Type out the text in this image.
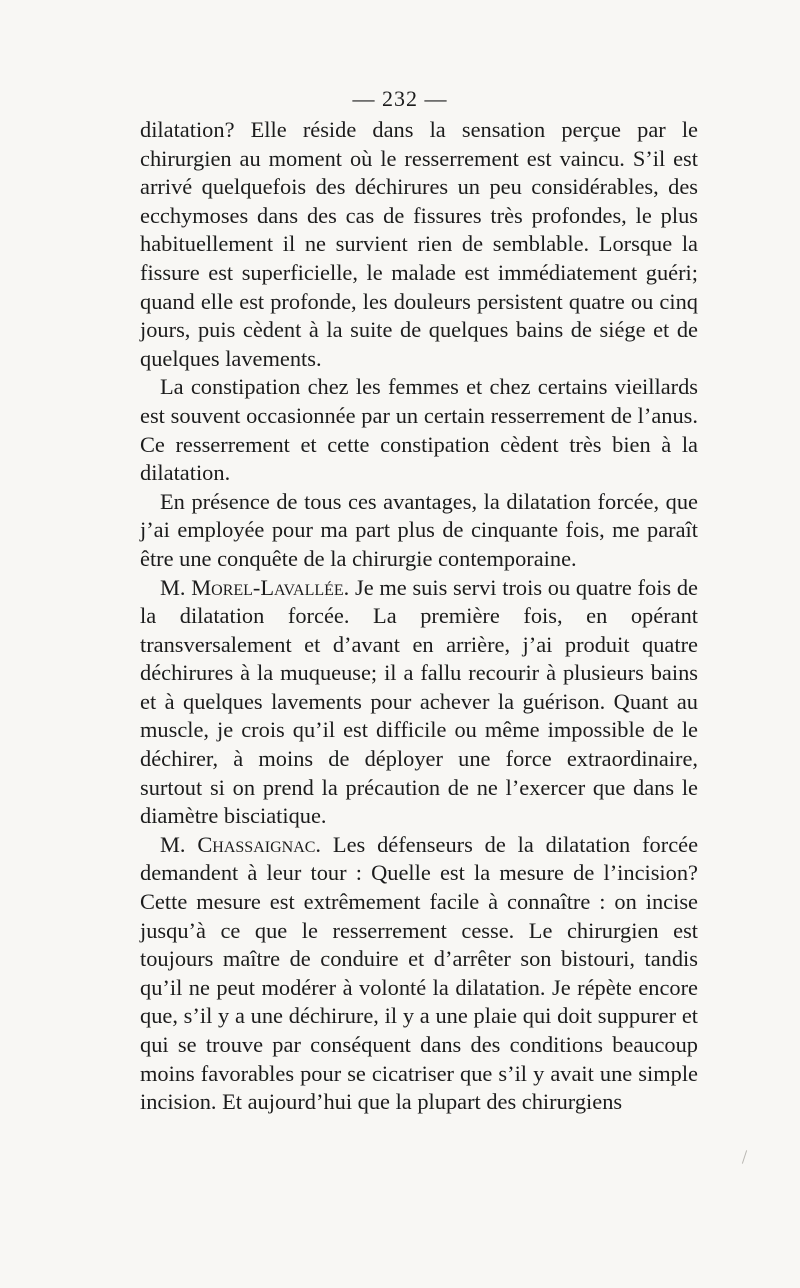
— 232 —

dilatation? Elle réside dans la sensation perçue par le chirurgien au moment où le resserrement est vaincu. S’il est arrivé quelquefois des déchirures un peu considérables, des ecchymoses dans des cas de fissures très profondes, le plus habituellement il ne survient rien de semblable. Lorsque la fissure est superficielle, le malade est immédiatement guéri; quand elle est profonde, les douleurs persistent quatre ou cinq jours, puis cèdent à la suite de quelques bains de siége et de quelques lavements.

La constipation chez les femmes et chez certains vieillards est souvent occasionnée par un certain resserrement de l’anus. Ce resserrement et cette constipation cèdent très bien à la dilatation.

En présence de tous ces avantages, la dilatation forcée, que j’ai employée pour ma part plus de cinquante fois, me paraît être une conquête de la chirurgie contemporaine.

M. Morel-Lavallée. Je me suis servi trois ou quatre fois de la dilatation forcée. La première fois, en opérant transversalement et d’avant en arrière, j’ai produit quatre déchirures à la muqueuse; il a fallu recourir à plusieurs bains et à quelques lavements pour achever la guérison. Quant au muscle, je crois qu’il est difficile ou même impossible de le déchirer, à moins de déployer une force extraordinaire, surtout si on prend la précaution de ne l’exercer que dans le diamètre bisciatique.

M. Chassaignac. Les défenseurs de la dilatation forcée demandent à leur tour : Quelle est la mesure de l’incision? Cette mesure est extrêmement facile à connaître : on incise jusqu’à ce que le resserrement cesse. Le chirurgien est toujours maître de conduire et d’arrêter son bistouri, tandis qu’il ne peut modérer à volonté la dilatation. Je répète encore que, s’il y a une déchirure, il y a une plaie qui doit suppurer et qui se trouve par conséquent dans des conditions beaucoup moins favorables pour se cicatriser que s’il y avait une simple incision. Et aujourd’hui que la plupart des chirurgiens
